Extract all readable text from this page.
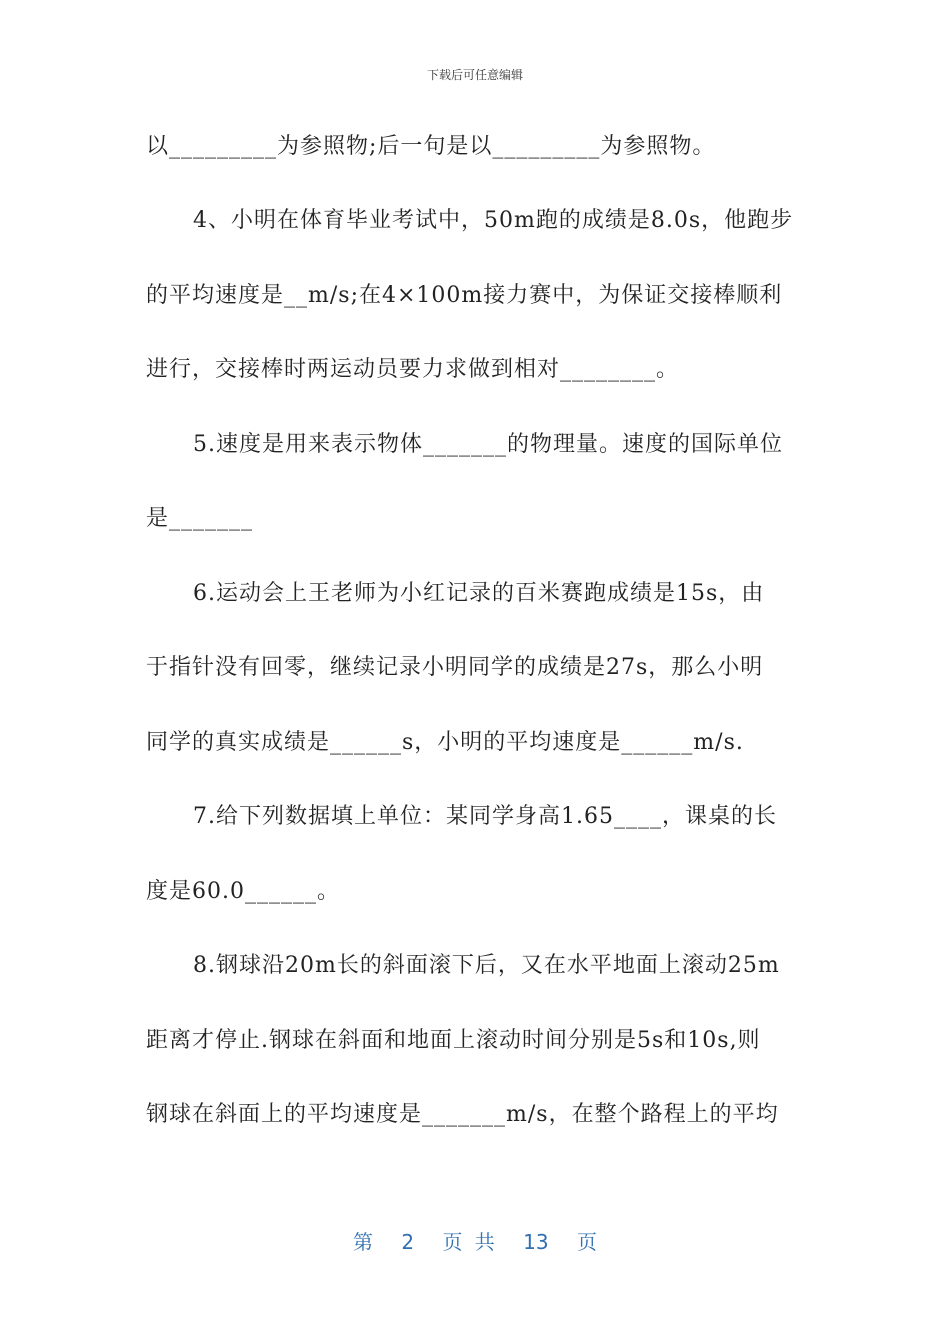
下载后可任意编辑
以_________为参照物;后一句是以_________为参照物。
4、小明在体育毕业考试中，50m跑的成绩是8.0s，他跑步
的平均速度是__m/s;在4×100m接力赛中，为保证交接棒顺利
进行，交接棒时两运动员要力求做到相对________。
5.速度是用来表示物体_______的物理量。速度的国际单位
是_______
6.运动会上王老师为小红记录的百米赛跑成绩是15s，由
于指针没有回零，继续记录小明同学的成绩是27s，那么小明
同学的真实成绩是______s，小明的平均速度是______m/s.
7.给下列数据填上单位：某同学身高1.65____，课桌的长
度是60.0______。
8.钢球沿20m长的斜面滚下后，又在水平地面上滚动25m
距离才停止.钢球在斜面和地面上滚动时间分别是5s和10s,则
钢球在斜面上的平均速度是_______m/s，在整个路程上的平均
第 2 页 共 13 页
